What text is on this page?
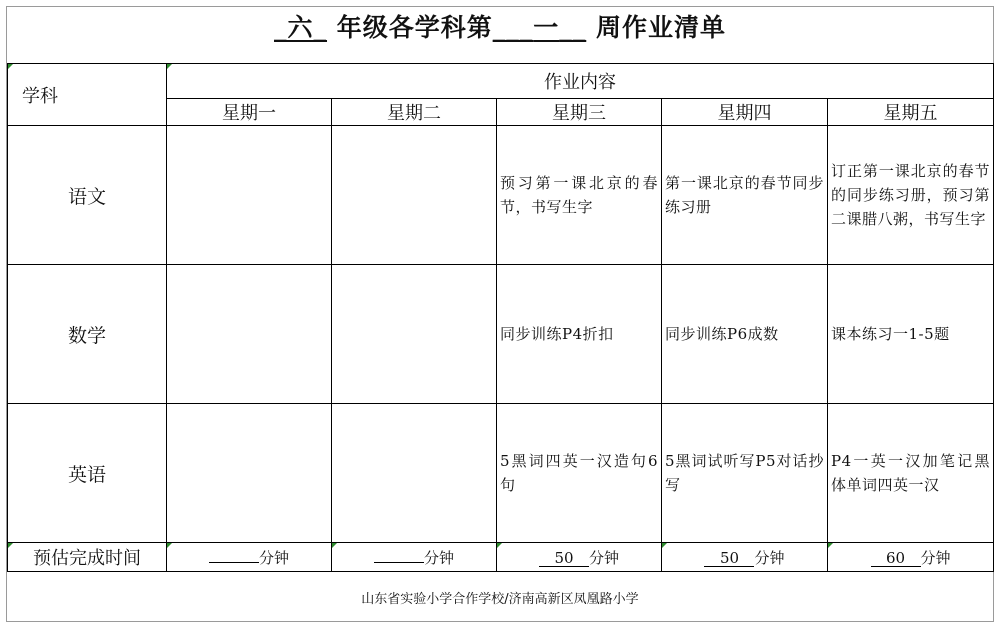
_六_ 年级各学科第___一__ 周作业清单
学科	作业内容				
	星期一	星期二	星期三	星期四	星期五
语文			预习第一课北京的春节，书写生字	第一课北京的春节同步练习册	订正第一课北京的春节的同步练习册，预习第二课腊八粥，书写生字
数学			同步训练P4折扣	同步训练P6成数	课本练习一1-5题
英语			5黑词四英一汉造句6句	5黑词试听写P5对话抄写	P4一英一汉加笔记黑体单词四英一汉
预估完成时间	分钟	分钟	50 分钟	50 分钟	60 分钟
山东省实验小学合作学校/济南高新区凤凰路小学
